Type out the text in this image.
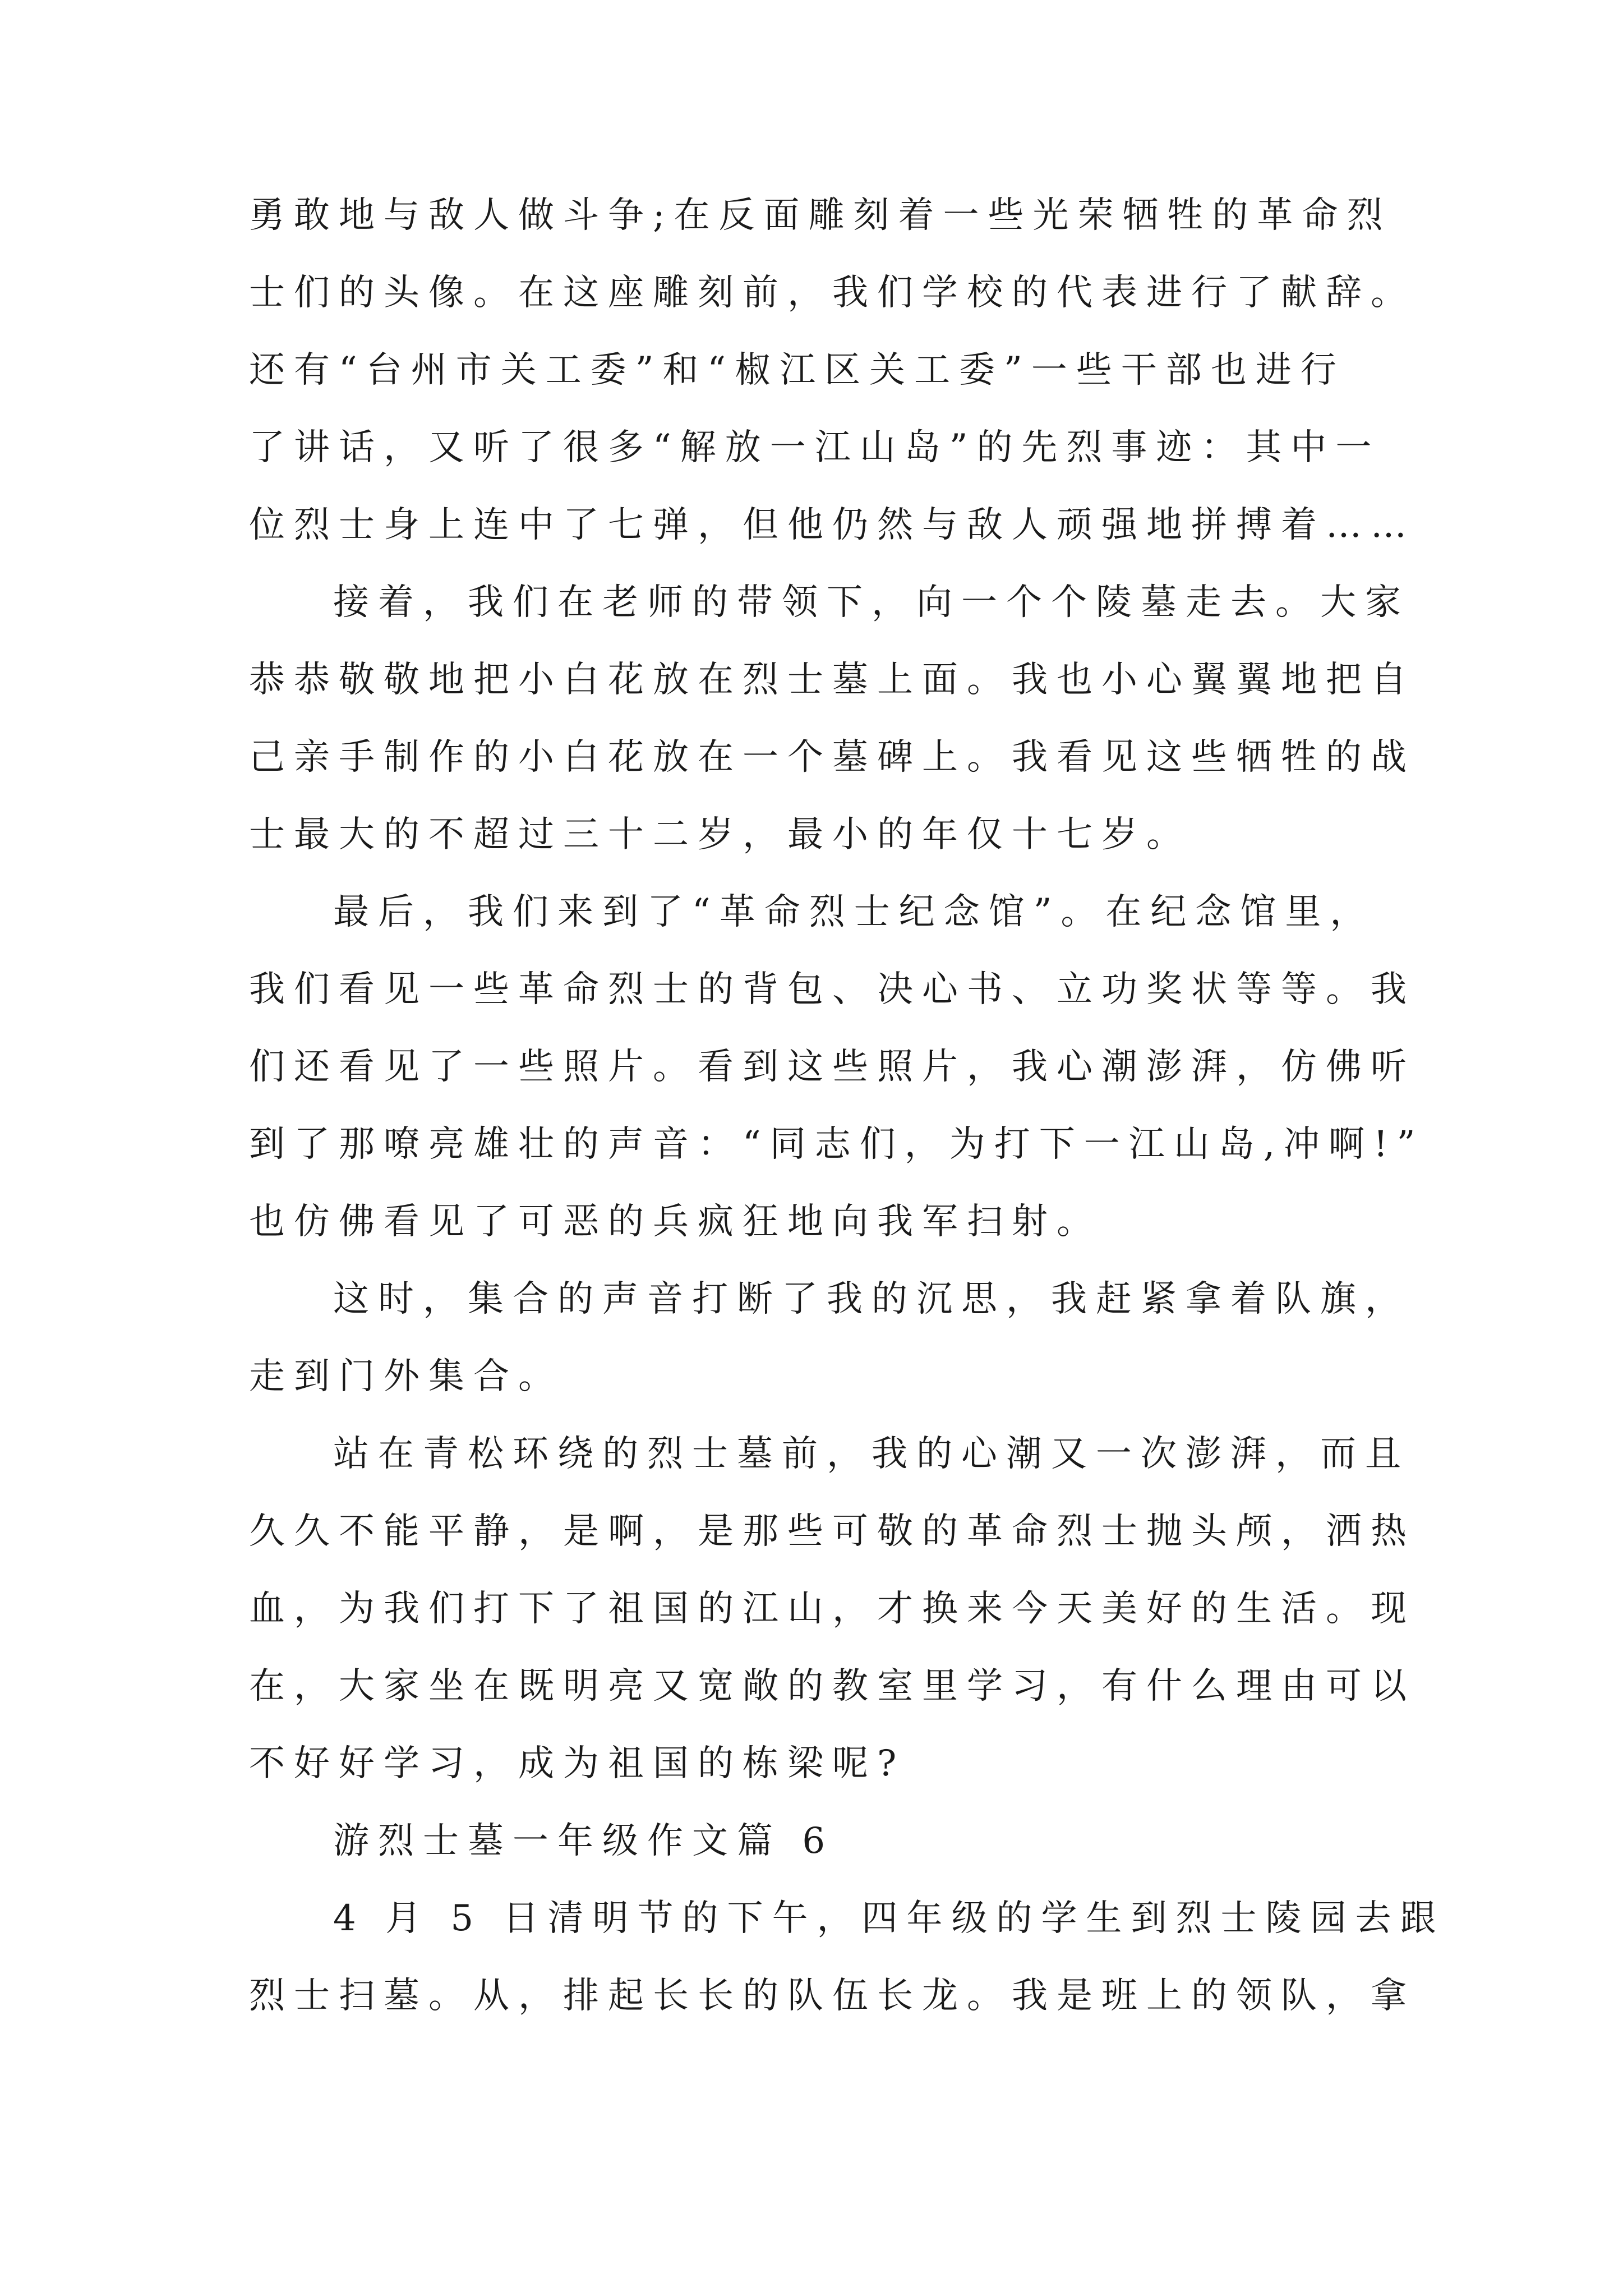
勇敢地与敌人做斗争;在反面雕刻着一些光荣牺牲的革命烈
士们的头像。在这座雕刻前，我们学校的代表进行了献辞。
还有“台州市关工委”和“椒江区关工委”一些干部也进行
了讲话，又听了很多“解放一江山岛”的先烈事迹：其中一
位烈士身上连中了七弹，但他仍然与敌人顽强地拼搏着……
接着，我们在老师的带领下，向一个个陵墓走去。大家
恭恭敬敬地把小白花放在烈士墓上面。我也小心翼翼地把自
己亲手制作的小白花放在一个墓碑上。我看见这些牺牲的战
士最大的不超过三十二岁，最小的年仅十七岁。
最后，我们来到了“革命烈士纪念馆”。在纪念馆里，
我们看见一些革命烈士的背包、决心书、立功奖状等等。我
们还看见了一些照片。看到这些照片，我心潮澎湃，仿佛听
到了那嘹亮雄壮的声音：“同志们，为打下一江山岛,冲啊!”
也仿佛看见了可恶的兵疯狂地向我军扫射。
这时，集合的声音打断了我的沉思，我赶紧拿着队旗，
走到门外集合。
站在青松环绕的烈士墓前，我的心潮又一次澎湃，而且
久久不能平静，是啊，是那些可敬的革命烈士抛头颅，洒热
血，为我们打下了祖国的江山，才换来今天美好的生活。现
在，大家坐在既明亮又宽敞的教室里学习，有什么理由可以
不好好学习，成为祖国的栋梁呢?
游烈士墓一年级作文篇 6
4 月 5 日清明节的下午，四年级的学生到烈士陵园去跟
烈士扫墓。从，排起长长的队伍长龙。我是班上的领队，拿
